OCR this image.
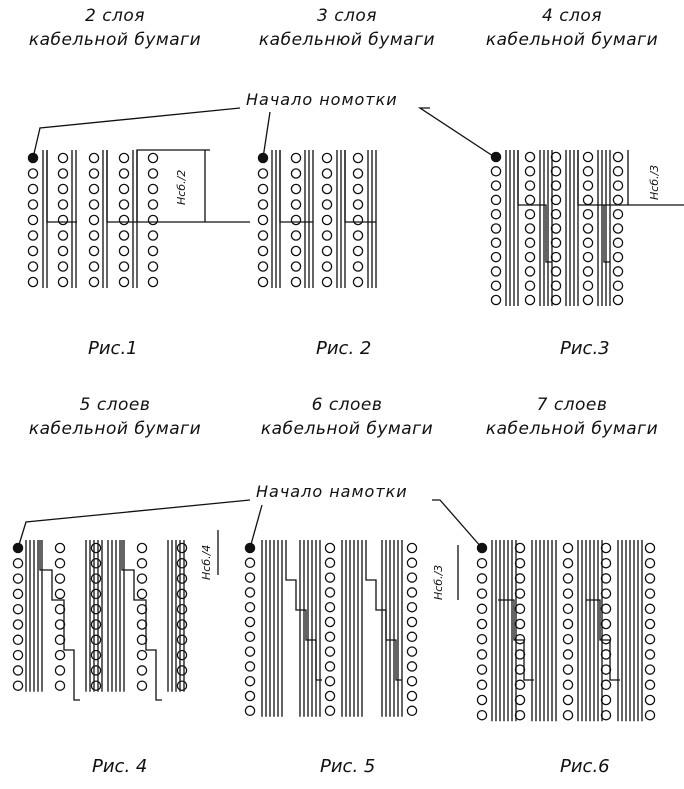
2 слоя
кабельной бумаги
3 слоя
кабельнюй бумаги
4 слоя
кабельной бумаги
Начало номотки
5 слоев
кабельной бумаги
6 слоев
кабельной бумаги
7 слоев
кабельной бумаги
Начало намотки
Нсб./2	Нсб./3
Нсб./4
Нсб./3
Рис.1	Рис. 2	Рис.3
Рис. 4	Рис. 5	Рис.6
